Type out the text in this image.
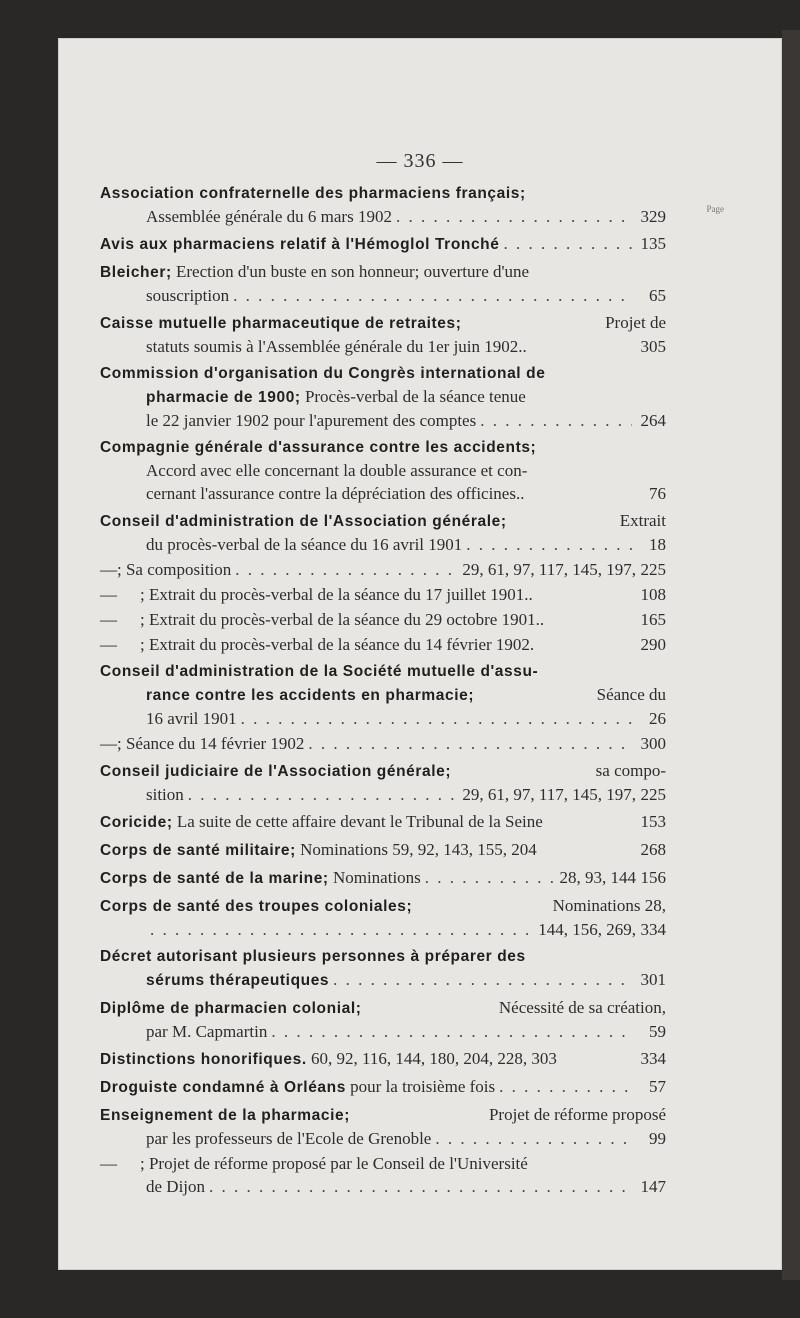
— 336 —
Page
Association confraternelle des pharmaciens français;
Assemblée générale du 6 mars 1902 . . .	329
Avis aux pharmaciens relatif à l'Hémoglol Tronché . . .	135
Bleicher;
Erection d'un buste en son honneur; ouverture d'une
souscription . . .	65
Caisse mutuelle pharmaceutique de retraites;	Projet de
statuts soumis à l'Assemblée générale du 1er juin 1902..	305
Commission d'organisation du Congrès international de
pharmacie de 1900;
Procès-verbal de la séance tenue
le 22 janvier 1902 pour l'apurement des comptes . . .	264
Compagnie générale d'assurance contre les accidents;
Accord avec elle concernant la double assurance et con-
cernant l'assurance contre la dépréciation des officines..	76
Conseil d'administration de l'Association générale;	Extrait
du procès-verbal de la séance du 16 avril 1901 . . .	18
— ; Sa composition . . .	29, 61, 97, 117, 145, 197, 225
— ; Extrait du procès-verbal de la séance du 17 juillet 1901..	108
— ; Extrait du procès-verbal de la séance du 29 octobre 1901..	165
— ; Extrait du procès-verbal de la séance du 14 février 1902.	290
Conseil d'administration de la Société mutuelle d'assu-
rance contre les accidents en pharmacie;	Séance du
16 avril 1901 . . .	26
— ; Séance du 14 février 1902 . . .	300
Conseil judiciaire de l'Association générale;	sa compo-
sition . . .	29, 61, 97, 117, 145, 197, 225
Coricide; La suite de cette affaire devant le Tribunal de la Seine	153
Corps de santé militaire; Nominations 59, 92, 143, 155, 204	268
Corps de santé de la marine;
Nominations . . .	28, 93, 144 156
Corps de santé des troupes coloniales;	Nominations 28,
. . .
144, 156, 269, 334
Décret autorisant plusieurs personnes à préparer des
sérums thérapeutiques . . .	301
Diplôme de pharmacien colonial;	Nécessité de sa création,
par M. Capmartin . . .	59
Distinctions honorifiques. 60, 92, 116, 144, 180, 204, 228, 303	334
Droguiste condamné à Orléans
pour la troisième fois . . .	57
Enseignement de la pharmacie;	Projet de réforme proposé
par les professeurs de l'Ecole de Grenoble . . .	99
—	; Projet de réforme proposé par le Conseil de l'Université
de Dijon . . .	147
